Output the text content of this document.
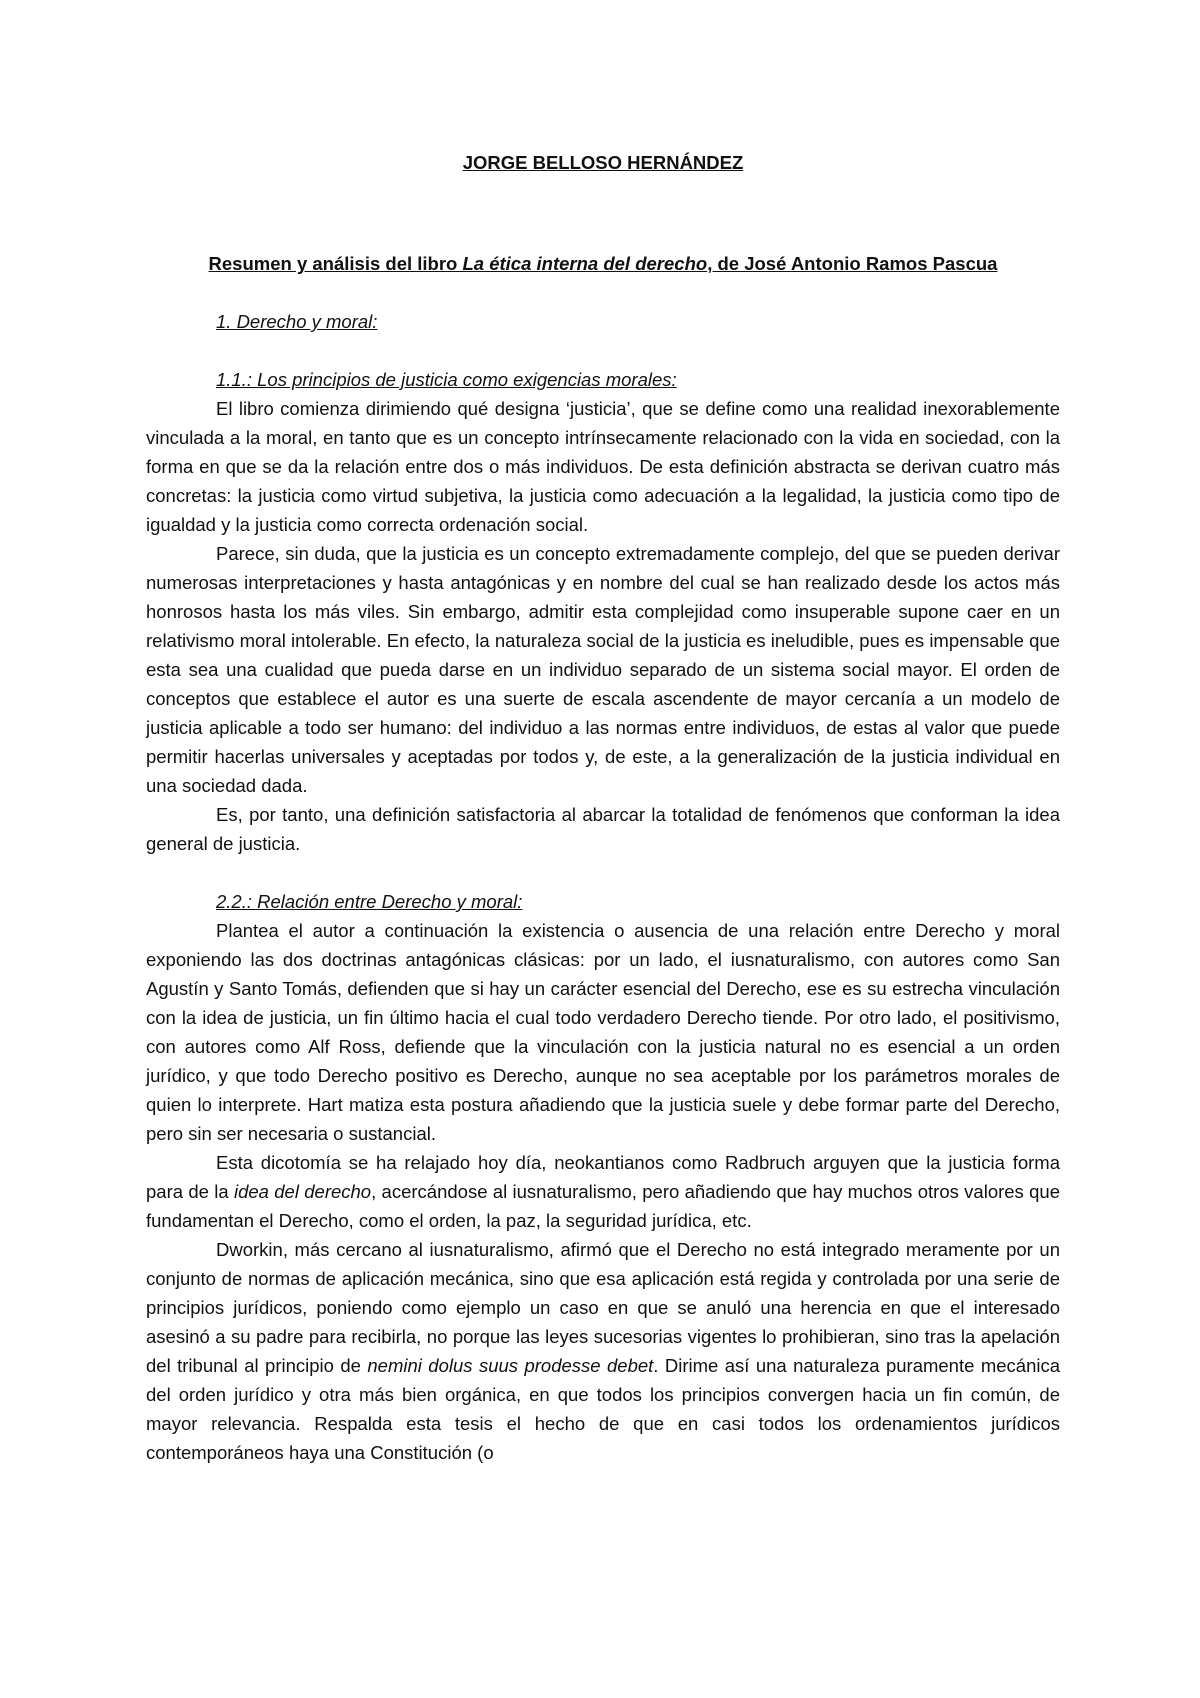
JORGE BELLOSO HERNÁNDEZ
Resumen y análisis del libro La ética interna del derecho, de José Antonio Ramos Pascua
1. Derecho y moral:
1.1.: Los principios de justicia como exigencias morales:

El libro comienza dirimiendo qué designa ‘justicia’, que se define como una realidad inexorablemente vinculada a la moral, en tanto que es un concepto intrínsecamente relacionado con la vida en sociedad, con la forma en que se da la relación entre dos o más individuos. De esta definición abstracta se derivan cuatro más concretas: la justicia como virtud subjetiva, la justicia como adecuación a la legalidad, la justicia como tipo de igualdad y la justicia como correcta ordenación social.

Parece, sin duda, que la justicia es un concepto extremadamente complejo, del que se pueden derivar numerosas interpretaciones y hasta antagónicas y en nombre del cual se han realizado desde los actos más honrosos hasta los más viles. Sin embargo, admitir esta complejidad como insuperable supone caer en un relativismo moral intolerable. En efecto, la naturaleza social de la justicia es ineludible, pues es impensable que esta sea una cualidad que pueda darse en un individuo separado de un sistema social mayor. El orden de conceptos que establece el autor es una suerte de escala ascendente de mayor cercanía a un modelo de justicia aplicable a todo ser humano: del individuo a las normas entre individuos, de estas al valor que puede permitir hacerlas universales y aceptadas por todos y, de este, a la generalización de la justicia individual en una sociedad dada.

Es, por tanto, una definición satisfactoria al abarcar la totalidad de fenómenos que conforman la idea general de justicia.

2.2.: Relación entre Derecho y moral:

Plantea el autor a continuación la existencia o ausencia de una relación entre Derecho y moral exponiendo las dos doctrinas antagónicas clásicas: por un lado, el iusnaturalismo, con autores como San Agustín y Santo Tomás, defienden que si hay un carácter esencial del Derecho, ese es su estrecha vinculación con la idea de justicia, un fin último hacia el cual todo verdadero Derecho tiende. Por otro lado, el positivismo, con autores como Alf Ross, defiende que la vinculación con la justicia natural no es esencial a un orden jurídico, y que todo Derecho positivo es Derecho, aunque no sea aceptable por los parámetros morales de quien lo interprete. Hart matiza esta postura añadiendo que la justicia suele y debe formar parte del Derecho, pero sin ser necesaria o sustancial.

Esta dicotomía se ha relajado hoy día, neokantianos como Radbruch arguyen que la justicia forma para de la idea del derecho, acercándose al iusnaturalismo, pero añadiendo que hay muchos otros valores que fundamentan el Derecho, como el orden, la paz, la seguridad jurídica, etc.

Dworkin, más cercano al iusnaturalismo, afirmó que el Derecho no está integrado meramente por un conjunto de normas de aplicación mecánica, sino que esa aplicación está regida y controlada por una serie de principios jurídicos, poniendo como ejemplo un caso en que se anuló una herencia en que el interesado asesinó a su padre para recibirla, no porque las leyes sucesorias vigentes lo prohibieran, sino tras la apelación del tribunal al principio de nemini dolus suus prodesse debet. Dirime así una naturaleza puramente mecánica del orden jurídico y otra más bien orgánica, en que todos los principios convergen hacia un fin común, de mayor relevancia. Respalda esta tesis el hecho de que en casi todos los ordenamientos jurídicos contemporáneos haya una Constitución (o
